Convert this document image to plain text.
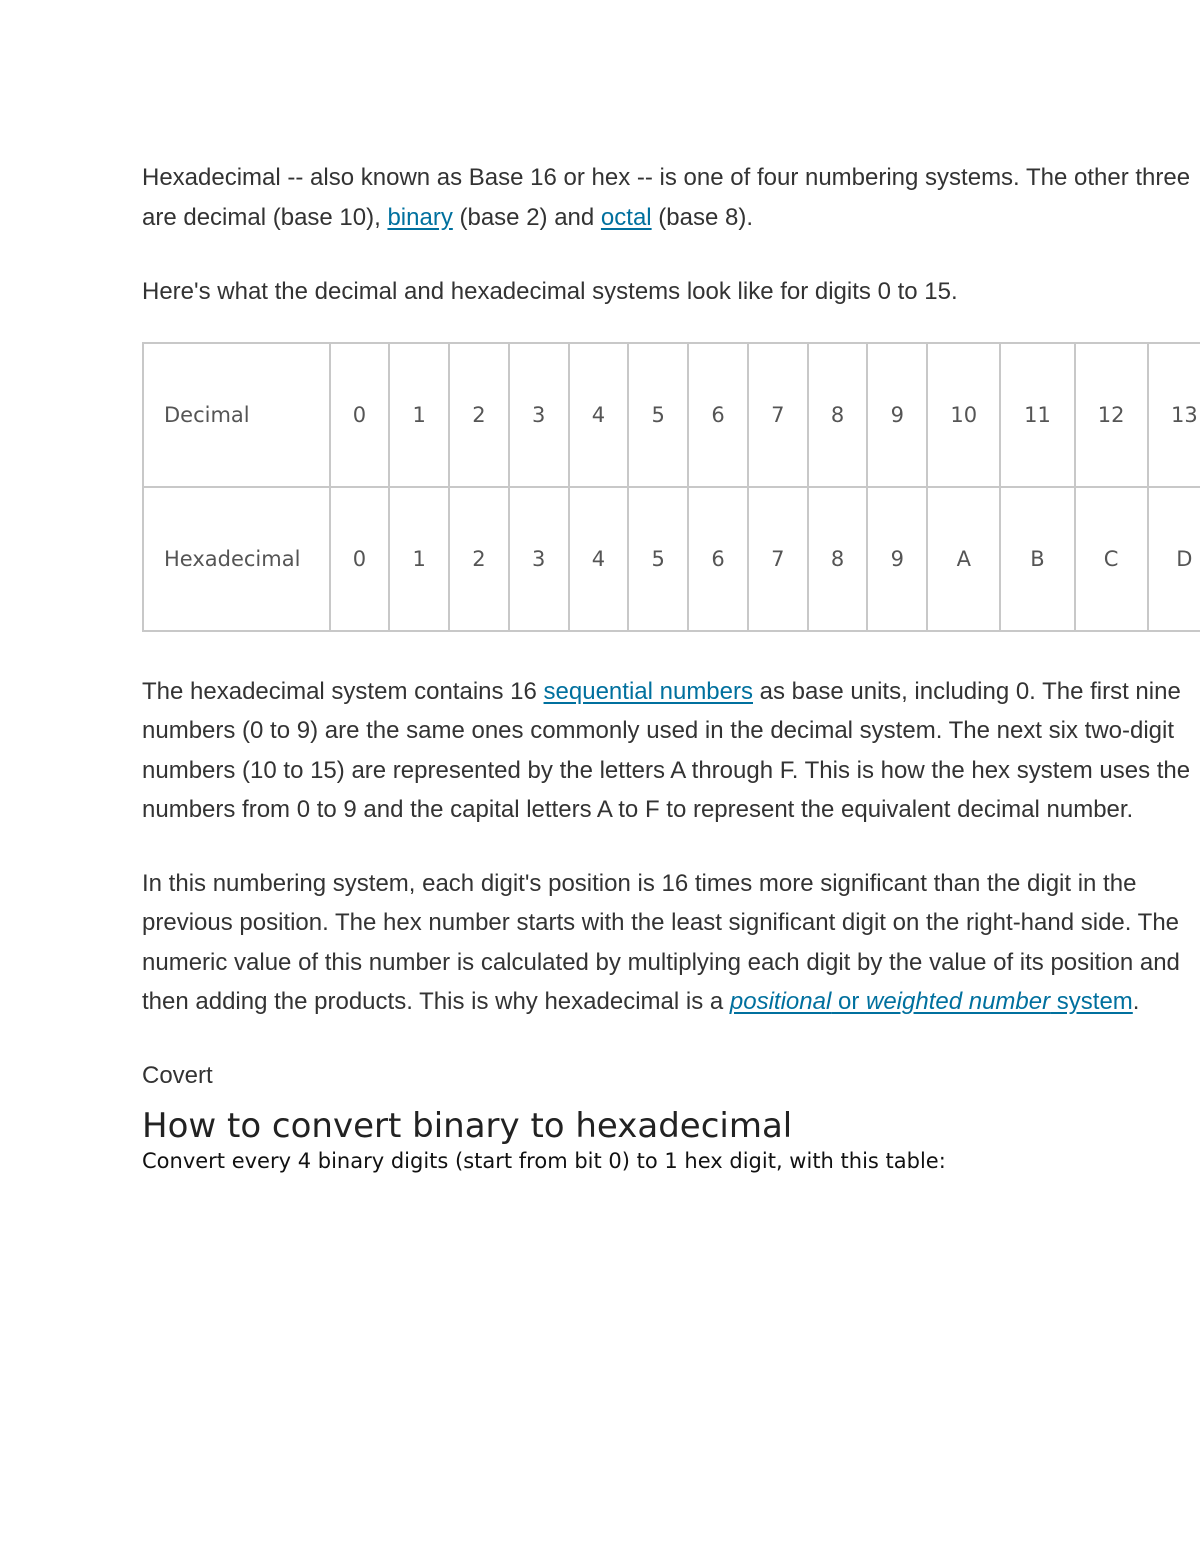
Hexadecimal -- also known as Base 16 or hex -- is one of four numbering systems. The other three are decimal (base 10), binary (base 2) and octal (base 8).

Here's what the decimal and hexadecimal systems look like for digits 0 to 15.

Decimal	0	1	2	3	4	5	6	7	8	9	10	11	12	13
Hexadecimal	0	1	2	3	4	5	6	7	8	9	A	B	C	D

The hexadecimal system contains 16 sequential numbers as base units, including 0. The first nine numbers (0 to 9) are the same ones commonly used in the decimal system. The next six two-digit numbers (10 to 15) are represented by the letters A through F. This is how the hex system uses the numbers from 0 to 9 and the capital letters A to F to represent the equivalent decimal number.

In this numbering system, each digit's position is 16 times more significant than the digit in the previous position. The hex number starts with the least significant digit on the right-hand side. The numeric value of this number is calculated by multiplying each digit by the value of its position and then adding the products. This is why hexadecimal is a positional or weighted number system.

Covert

How to convert binary to hexadecimal
Convert every 4 binary digits (start from bit 0) to 1 hex digit, with this table:
